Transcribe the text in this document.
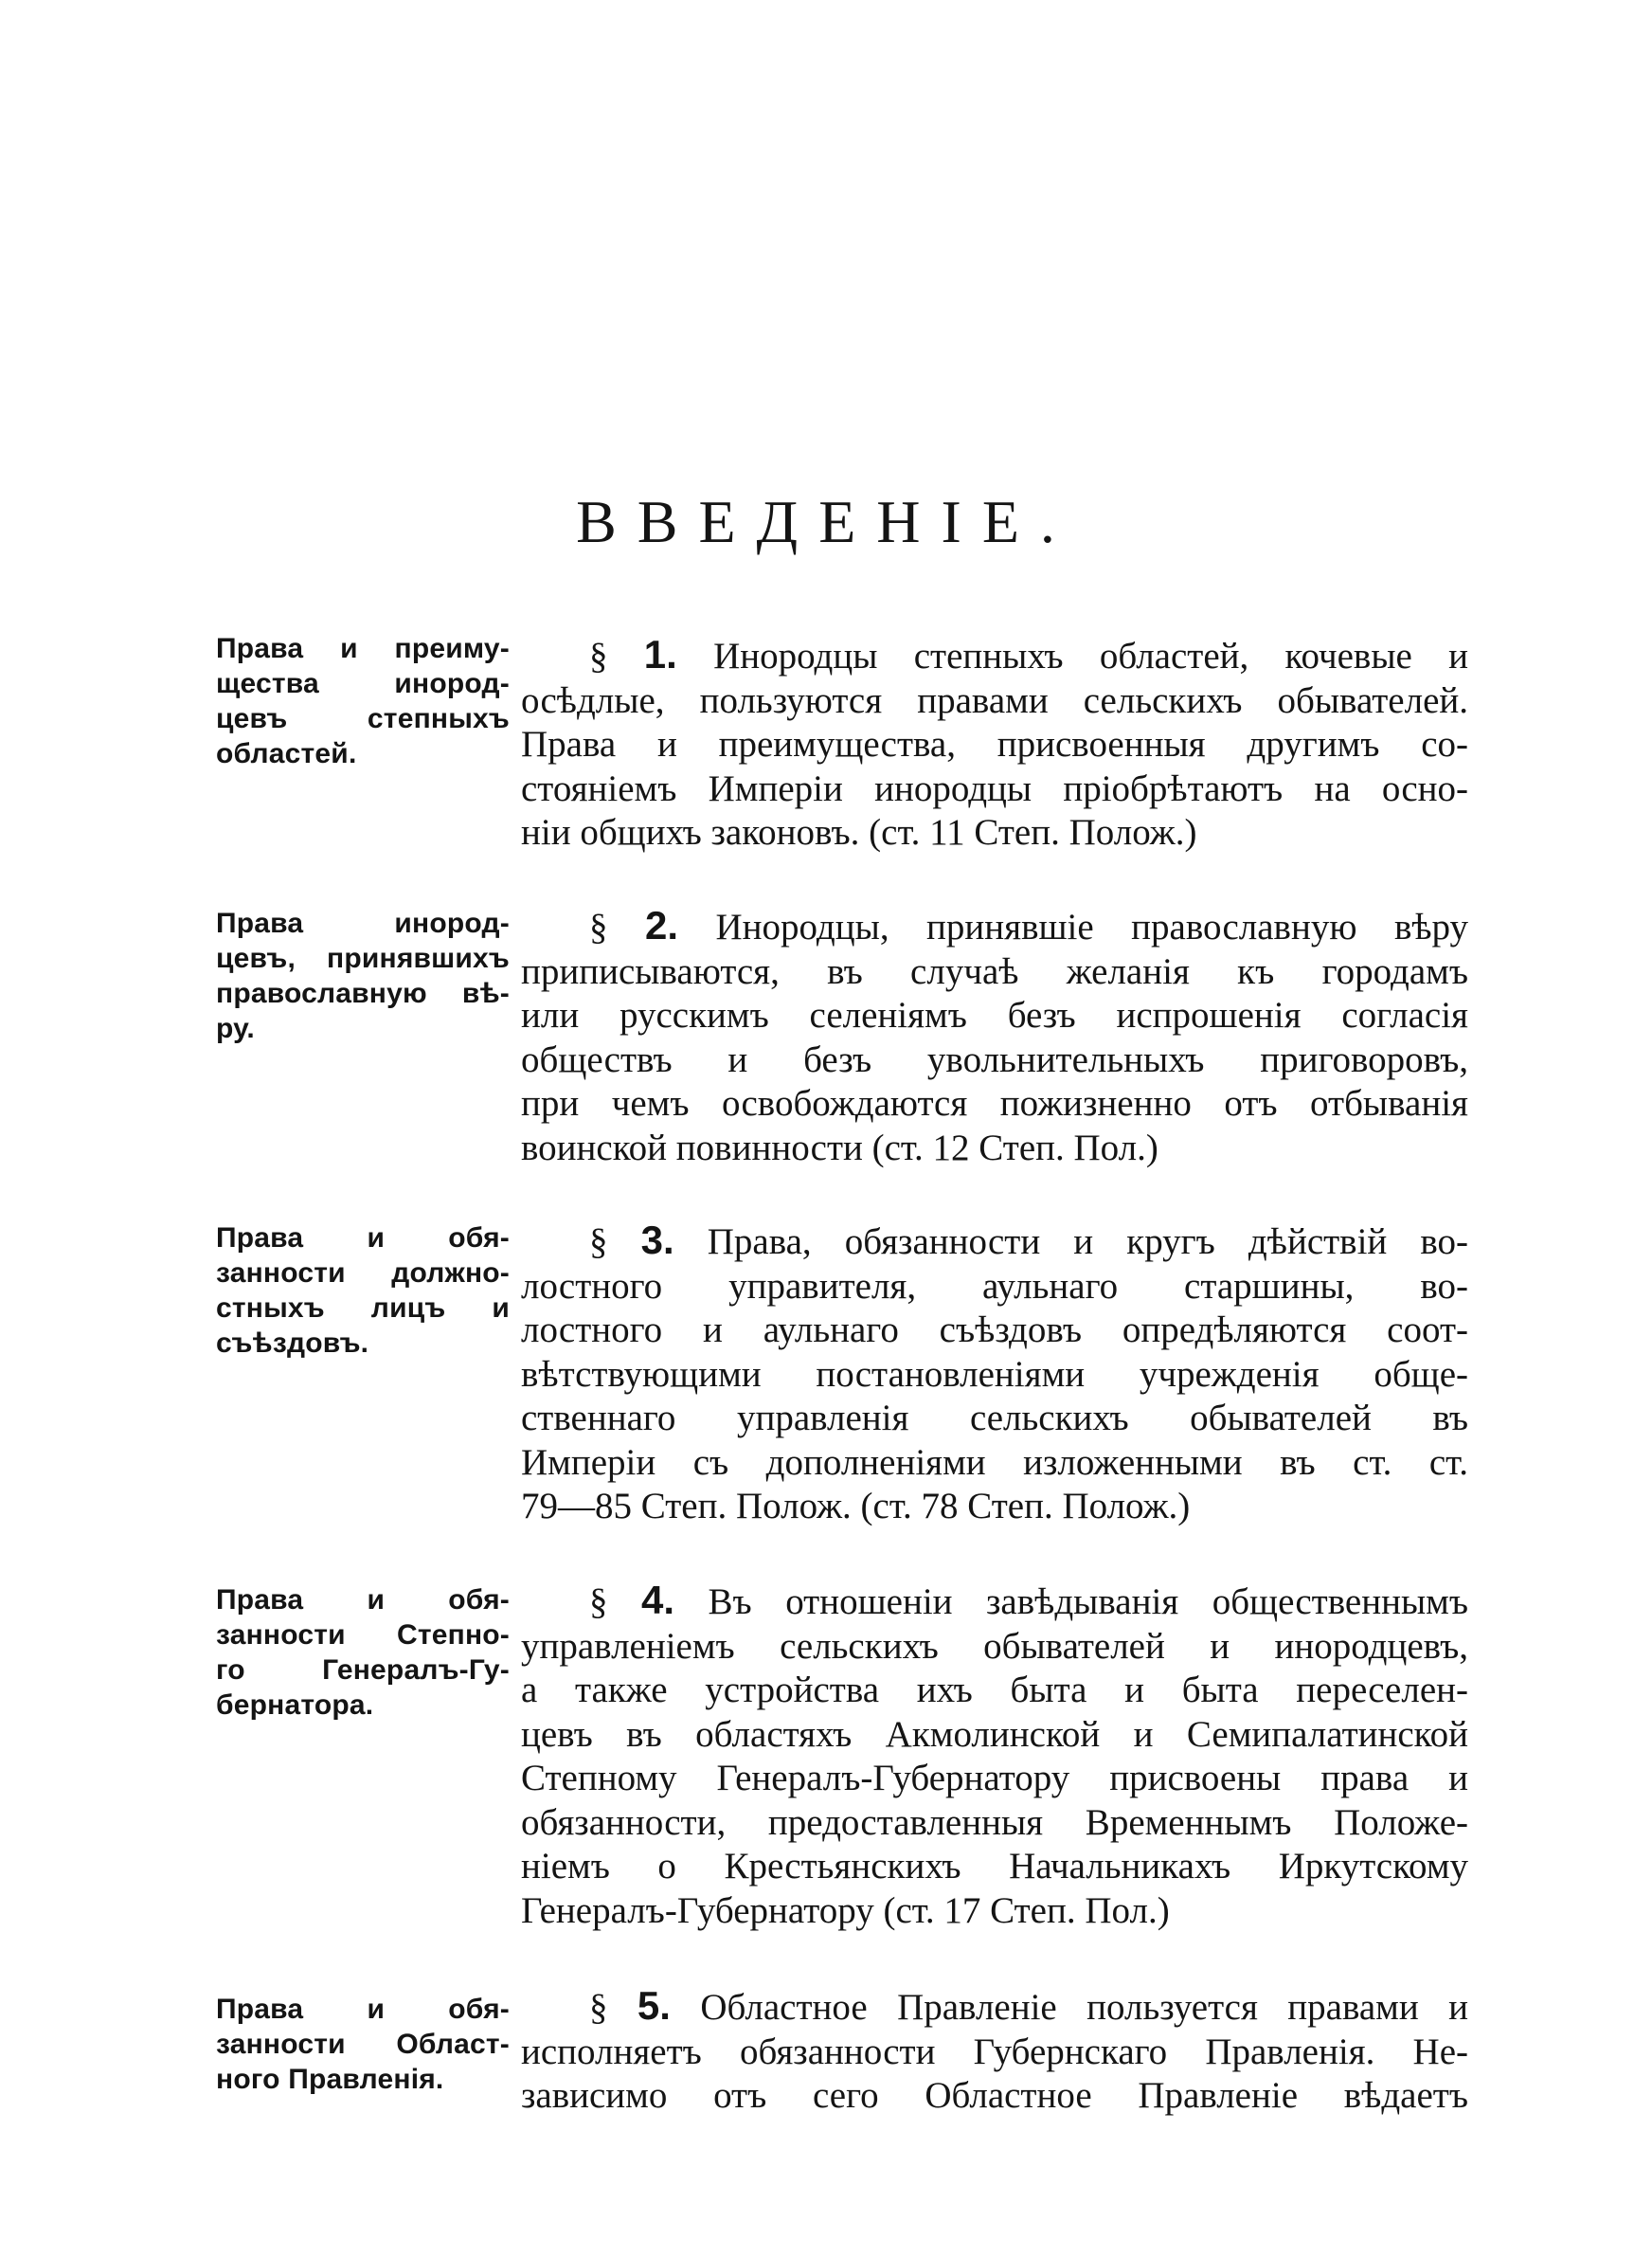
ВВЕДЕНІЕ.
Права и преиму-
щества инород-
цевъ степныхъ
областей.
§ 1. Инородцы степныхъ областей, кочевые и
осѣдлые, пользуются правами сельскихъ обывателей.
Права и преимущества, присвоенныя другимъ со-
стояніемъ Имперіи инородцы пріобрѣтаютъ на осно-
ніи общихъ законовъ. (ст. 11 Степ. Полож.)
Права инород-
цевъ, принявшихъ
православную вѣ-
ру.
§ 2. Инородцы, принявшіе православную вѣру
приписываются, въ случаѣ желанія къ городамъ
или русскимъ селеніямъ безъ испрошенія согласія
обществъ и безъ увольнительныхъ приговоровъ,
при чемъ освобождаются пожизненно отъ отбыванія
воинской повинности (ст. 12 Степ. Пол.)
Права и обя-
занности должно-
стныхъ лицъ и
съѣздовъ.
§ 3. Права, обязанности и кругъ дѣйствій во-
лостного управителя, аульнаго старшины, во-
лостного и аульнаго съѣздовъ опредѣляются соот-
вѣтствующими постановленіями учрежденія обще-
ственнаго управленія сельскихъ обывателей въ
Имперіи съ дополненіями изложенными въ ст. ст.
79—85 Степ. Полож. (ст. 78 Степ. Полож.)
Права и обя-
занности Степно-
го Генералъ-Гу-
бернатора.
§ 4. Въ отношеніи завѣдыванія общественнымъ
управленіемъ сельскихъ обывателей и инородцевъ,
а также устройства ихъ быта и быта переселен-
цевъ въ областяхъ Акмолинской и Семипалатинской
Степному Генералъ-Губернатору присвоены права и
обязанности, предоставленныя Временнымъ Положе-
ніемъ о Крестьянскихъ Начальникахъ Иркутскому
Генералъ-Губернатору (ст. 17 Степ. Пол.)
Права и обя-
занности Област-
ного Правленія.
§ 5. Областное Правленіе пользуется правами и
исполняетъ обязанности Губернскаго Правленія. Не-
зависимо отъ сего Областное Правленіе вѣдаетъ
